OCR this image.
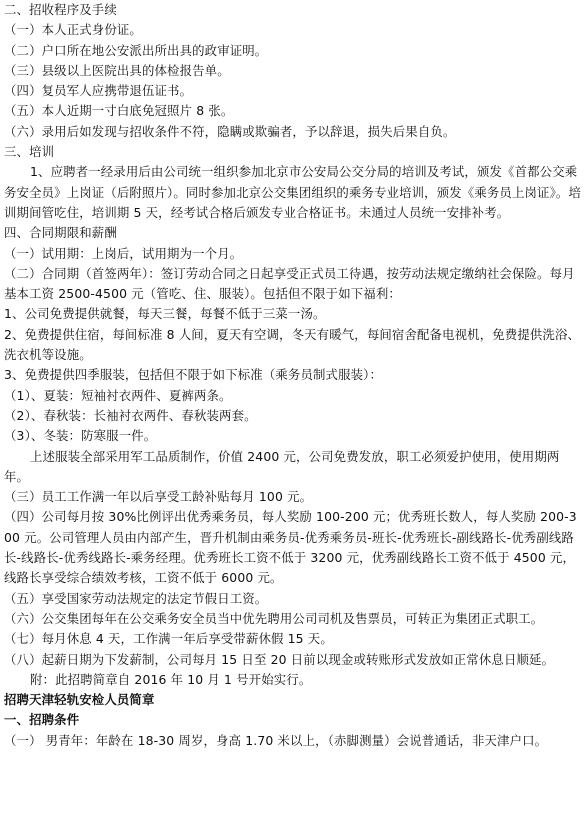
二、招收程序及手续

（一）本人正式身份证。

（二）户口所在地公安派出所出具的政审证明。

（三）县级以上医院出具的体检报告单。

（四）复员军人应携带退伍证书。

（五）本人近期一寸白底免冠照片 8 张。

（六）录用后如发现与招收条件不符，隐瞒或欺骗者，予以辞退，损失后果自负。

三、培训

1、应聘者一经录用后由公司统一组织参加北京市公安局公交分局的培训及考试，颁发《首都公交乘务安全员》上岗证（后附照片）。同时参加北京公交集团组织的乘务专业培训，颁发《乘务员上岗证》。培训期间管吃住，培训期 5 天，经考试合格后颁发专业合格证书。未通过人员统一安排补考。

四、合同期限和薪酬

（一）试用期：上岗后，试用期为一个月。

（二）合同期（首签两年）：签订劳动合同之日起享受正式员工待遇，按劳动法规定缴纳社会保险。每月基本工资 2500-4500 元（管吃、住、服装）。包括但不限于如下福利：

1、公司免费提供就餐，每天三餐，每餐不低于三菜一汤。

2、免费提供住宿，每间标准 8 人间，夏天有空调，冬天有暖气，每间宿舍配备电视机，免费提供洗浴、洗衣机等设施。

3、免费提供四季服装，包括但不限于如下标准（乘务员制式服装）：

（1）、夏装：短袖衬衣两件、夏裤两条。

（2）、春秋装：长袖衬衣两件、春秋装两套。

（3）、冬装：防寒服一件。

上述服装全部采用军工品质制作，价值 2400 元，公司免费发放，职工必须爱护使用，使用期两年。

（三）员工工作满一年以后享受工龄补贴每月 100 元。

（四）公司每月按 30%比例评出优秀乘务员，每人奖励 100-200 元；优秀班长数人，每人奖励 200-300 元。公司管理人员由内部产生，晋升机制由乘务员-优秀乘务员-班长-优秀班长-副线路长-优秀副线路长-线路长-优秀线路长-乘务经理。优秀班长工资不低于 3200 元，优秀副线路长工资不低于 4500 元，线路长享受综合绩效考核，工资不低于 6000 元。

（五）享受国家劳动法规定的法定节假日工资。

（六）公交集团每年在公交乘务安全员当中优先聘用公司司机及售票员，可转正为集团正式职工。

（七）每月休息 4 天，工作满一年后享受带薪休假 15 天。

（八）起薪日期为下发薪制，公司每月 15 日至 20 日前以现金或转账形式发放如正常休息日顺延。

附：此招聘简章自 2016 年 10 月 1 号开始实行。

招聘天津轻轨安检人员简章

一、招聘条件

（一） 男青年：年龄在 18-30 周岁，身高 1.70 米以上，（赤脚测量）会说普通话，非天津户口。
